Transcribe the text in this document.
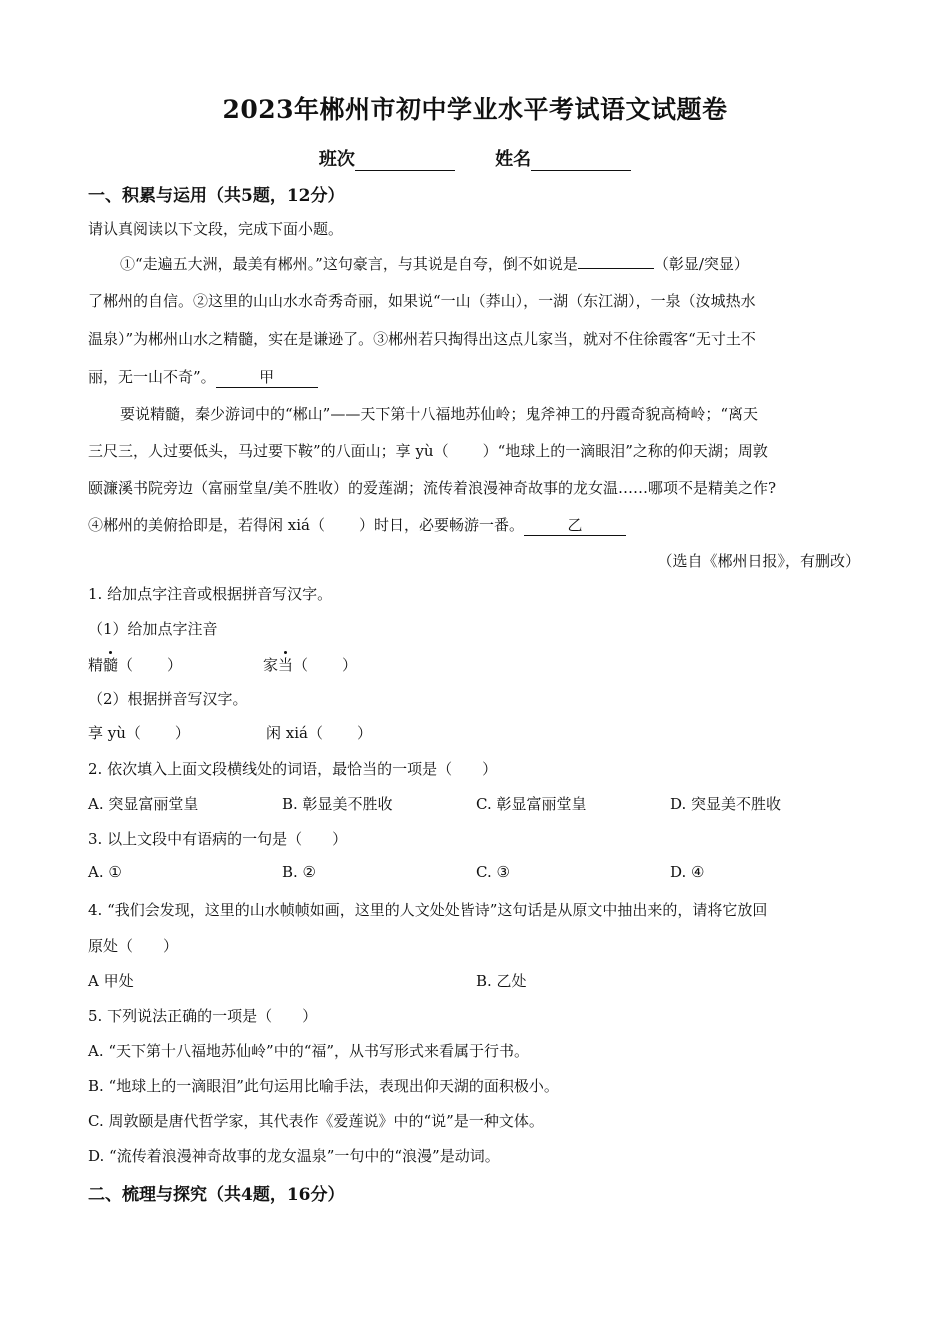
2023年郴州市初中学业水平考试语文试题卷
班次	姓名
一、积累与运用（共5题，12分）
请认真阅读以下文段，完成下面小题。
①“走遍五大洲，最美有郴州。”这句豪言，与其说是自夸，倒不如说是	（彰显/突显）
了郴州的自信。②这里的山山水水奇秀奇丽，如果说“一山（莽山），一湖（东江湖），一泉（汝城热水
温泉）”为郴州山水之精髓，实在是谦逊了。③郴州若只掏得出这点儿家当，就对不住徐霞客“无寸土不
丽，无一山不奇”。	甲
要说精髓，秦少游词中的“郴山”——天下第十八福地苏仙岭；鬼斧神工的丹霞奇貌高椅岭；“离天
三尺三，人过要低头，马过要下鞍”的八面山；享 yù（ ）“地球上的一滴眼泪”之称的仰天湖；周敦
颐濂溪书院旁边（富丽堂皇/美不胜收）的爱莲湖；流传着浪漫神奇故事的龙女温……哪项不是精美之作?
④郴州的美俯拾即是，若得闲 xiá（ ）时日，必要畅游一番。	乙
（选自《郴州日报》，有删改）
1. 给加点字注音或根据拼音写汉字。
（1）给加点字注音
精髓（ ）	家当（ ）
（2）根据拼音写汉字。
享 yù（ ）	闲 xiá（ ）
2. 依次填入上面文段横线处的词语，最恰当的一项是（　　）
A. 突显富丽堂皇	B. 彰显美不胜收	C. 彰显富丽堂皇	D. 突显美不胜收
3. 以上文段中有语病的一句是（　　）
A. ①	B. ②	C. ③	D. ④
4. “我们会发现，这里的山水帧帧如画，这里的人文处处皆诗”这句话是从原文中抽出来的，请将它放回
原处（　　）
A 甲处	B. 乙处
5. 下列说法正确的一项是（　　）
A. “天下第十八福地苏仙岭”中的“福”，从书写形式来看属于行书。
B. “地球上的一滴眼泪”此句运用比喻手法，表现出仰天湖的面积极小。
C. 周敦颐是唐代哲学家，其代表作《爱莲说》中的“说”是一种文体。
D. “流传着浪漫神奇故事的龙女温泉”一句中的“浪漫”是动词。
二、梳理与探究（共4题，16分）
